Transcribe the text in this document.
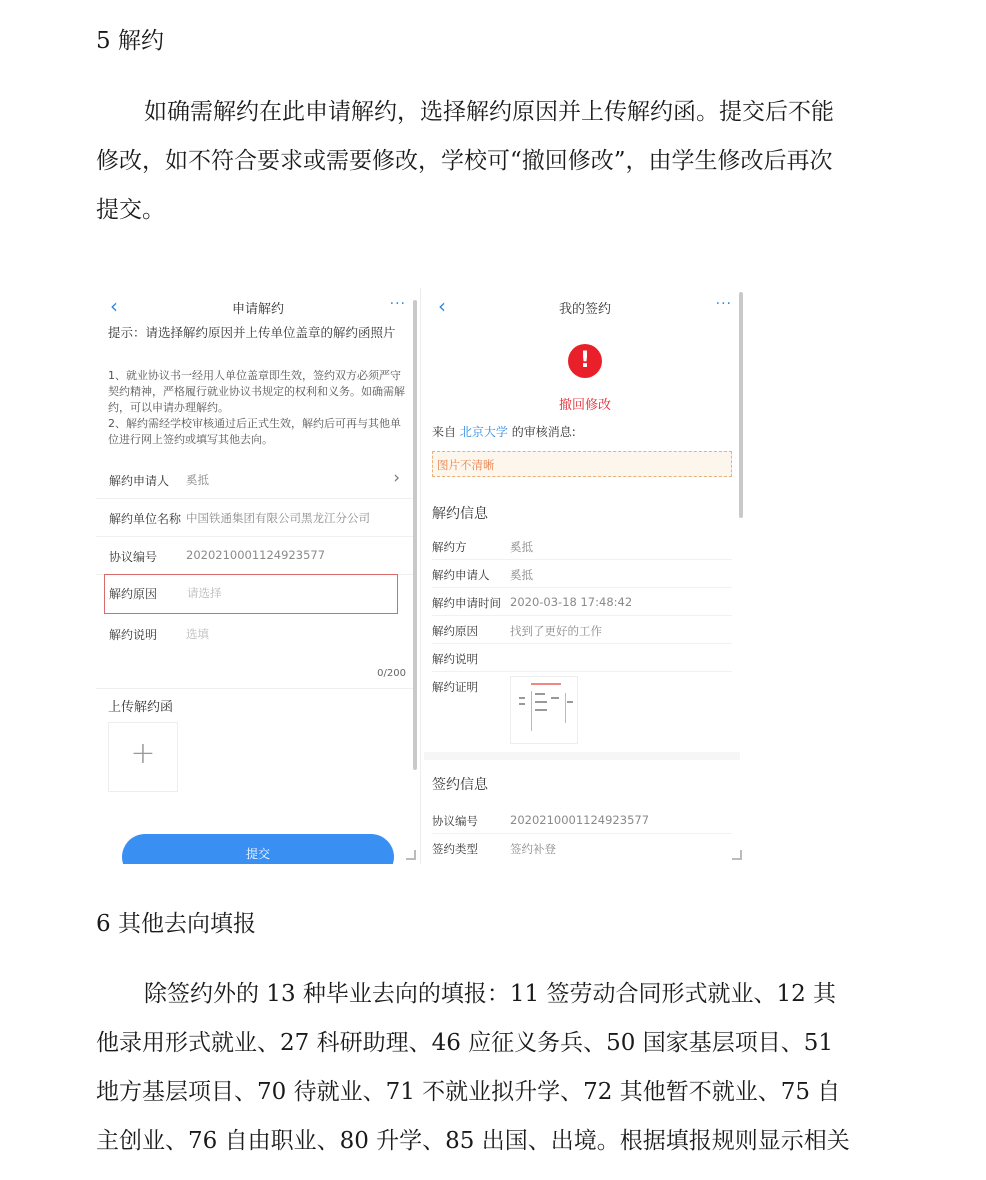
5 解约
如确需解约在此申请解约，选择解约原因并上传解约函。提交后不能
修改，如不符合要求或需要修改，学校可“撤回修改”，由学生修改后再次
提交。
‹	申请解约	···
提示：请选择解约原因并上传单位盖章的解约函照片
1、就业协议书一经用人单位盖章即生效，签约双方必须严守契约精神，严格履行就业协议书规定的权利和义务。如确需解约，可以申请办理解约。
2、解约需经学校审核通过后正式生效，解约后可再与其他单位进行网上签约或填写其他去向。
解约申请人 奚抵	›
解约单位名称 中国铁通集团有限公司黑龙江分公司
协议编号	2020210001124923577
解约原因	请选择
解约说明	选填
0/200
上传解约函
+
提交
‹	我的签约	···
!
撤回修改
来自 北京大学 的审核消息:
图片不清晰
解约信息
解约方	奚抵
解约申请人 奚抵
解约申请时间 2020-03-18 17:48:42
解约原因	找到了更好的工作
解约说明
解约证明
签约信息
协议编号	2020210001124923577
签约类型	签约补登
6 其他去向填报
除签约外的 13 种毕业去向的填报：11 签劳动合同形式就业、12 其
他录用形式就业、27 科研助理、46 应征义务兵、50 国家基层项目、51
地方基层项目、70 待就业、71 不就业拟升学、72 其他暂不就业、75 自
主创业、76 自由职业、80 升学、85 出国、出境。根据填报规则显示相关
